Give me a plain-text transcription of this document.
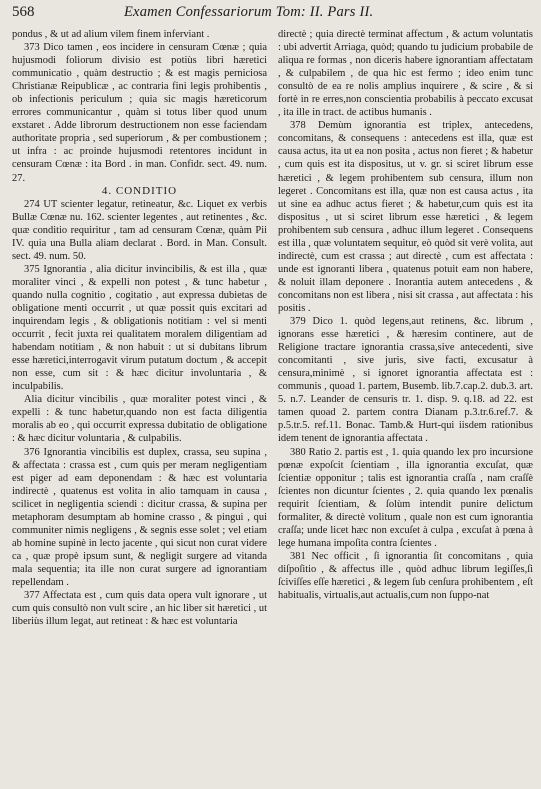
568	Examen Confessariorum Tom: II. Pars II.

pondus , & ut ad alium vilem finem inferviant .

373 Dico tamen , eos incidere in censuram Cœnæ ; quia hujusmodi foliorum divisio est potiùs libri hæretici communicatio , quàm destructio ; & est magis perniciosa Christianæ Reipublicæ , ac contraria fini legis prohibentis , ob infectionis periculum ; quia sic magis hæreticorum errores communicantur , quàm si totus liber quod unum exstaret . Adde librorum destructionem non esse faciendam authoritate propria , sed superiorum , & per combustionem ; ut infra : ac proinde hujusmodi retentores incidunt in censuram Cœnæ : ita Bord . in man. Confidr. sect. 49. num. 27.

4. CONDITIO

274 UT scienter legatur, retineatur, &c. Liquet ex verbis Bullæ Cœnæ nu. 162. scienter legentes , aut retinentes , &c. quæ conditio requiritur , tam ad censuram Cœnæ, quàm Pii IV. quia una Bulla aliam declarat . Bord. in Man. Consult. sect. 49. num. 50.

375 Ignorantia , alia dicitur invincibilis, & est illa , quæ moraliter vinci , & expelli non potest , & tunc habetur , quando nulla cognitio , cogitatio , aut expressa dubietas de obligatione menti occurrit , ut quæ possit quis excitari ad inquirendam legis , & obligationis notitiam : vel si menti occurrit , fecit juxta rei qualitatem moralem diligentiam ad habendam notitiam , & non habuit : ut si dubitans librum esse hæretici,interrogavit virum putatum doctum , & accepit non esse, cum sit : & hæc dicitur involuntaria , & inculpabilis.

Alia dicitur vincibilis , quæ moraliter potest vinci , & expelli : & tunc habetur,quando non est facta diligentia moralis ab eo , qui occurrit expressa dubitatio de obligatione : & hæc dicitur voluntaria , & culpabilis.

376 Ignorantia vincibilis est duplex, crassa, seu supina , & affectata : crassa est , cum quis per meram negligentiam est piger ad eam deponendam : & hæc est voluntaria indirectè , quatenus est volita in alio tamquam in causa , scilicet in negligentia sciendi : dicitur crassa, & supina per metaphoram desumptam ab homine crasso , & pingui , qui communiter nimis negligens , & segnis esse solet ; vel etiam ab homine supinè in lecto jacente , qui sicut non curat videre ca , quæ propè ipsum sunt, & negligit surgere ad vitanda mala sequentia; ita ille non curat surgere ad ignorantiam repellendam .

377 Affectata est , cum quis data opera vult ignorare , ut cum quis consultò non vult scire , an hic liber sit hæretici , ut liberiùs illum legat, aut retineat : & hæc est voluntaria

directè ; quia directè terminat affectum , & actum voluntatis : ubi advertit Arriaga, quòd; quando tu judicium probabile de aliqua re formas , non diceris habere ignorantiam affectatam , & culpabilem , de qua hìc est fermo ; ideo enim tunc consultò de ea re nolis amplius inquirere , & scire , & si fortè in re erres,non conscientia probabilis à peccato excusat , ita ille in tract. de actibus humanis .

378 Demùm ignorantia est triplex, antecedens, concomitans, & consequens : antecedens est illa, quæ est causa actus, ita ut ea non posita , actus non fieret ; & habetur , cum quis est ita dispositus, ut v. gr. si sciret librum esse hæretici , & legem prohibentem sub censura, illum non legeret . Concomitans est illa, quæ non est causa actus , ita ut sine ea adhuc actus fieret ; & habetur,cum quis est ita dispositus , ut si sciret librum esse hæretici , & legem prohibentem sub censura , adhuc illum legeret . Consequens est illa , quæ voluntatem sequitur, eò quòd sit verè volita, aut indirectè, cum est crassa ; aut directè , cum est affectata : unde est ignoranti libera , quatenus potuit eam non habere, & noluit illam deponere . Inorantia autem antecedens , & concomitans non est libera , nisi sit crassa , aut affectata : his positis .

379 Dico 1. quòd legens,aut retinens, &c. librum , ignorans esse hæretici , & hæresim continere, aut de Religione tractare ignorantia crassa,sive antecedenti, sive concomitanti , sive juris, sive facti, excusatur à censura,minimè , si ignoret ignorantia affectata est : communis , quoad 1. partem, Busemb. lib.7.cap.2. dub.3. art. 5. n.7. Leander de censuris tr. 1. disp. 9. q.18. ad 22. est tamen quoad 2. partem contra Dianam p.3.tr.6.ref.7. & p.5.tr.5. ref.11. Bonac. Tamb.& Hurt-qui iisdem rationibus idem tenent de ignorantia affectata .

380 Ratio 2. partis est , 1. quia quando lex pro incursione pœnæ expoſcit ſcientiam , illa ignorantia excuſat, quæ ſcientiæ opponitur ; talis est ignorantia craſſa , nam craſſè ſcientes non dicuntur ſcientes , 2. quia quando lex pœnalis requirit ſcientiam, & ſolùm intendit punire delictum formaliter, & directè volitum , quale non est cum ignorantia craſſa; unde licet hæc non excuſet à culpa , excuſat à pœna à lege humana impoſita contra ſcientes .

381 Nec officit , ſi ignorantia ſit concomitans , quia diſpoſitio , & affectus ille , quòd adhuc librum legiſſes,ſi ſciviſſes eſſe hæretici , & legem ſub cenſura prohibentem , eſt habitualis, virtualis,aut actualis,cum non ſuppo-nat
